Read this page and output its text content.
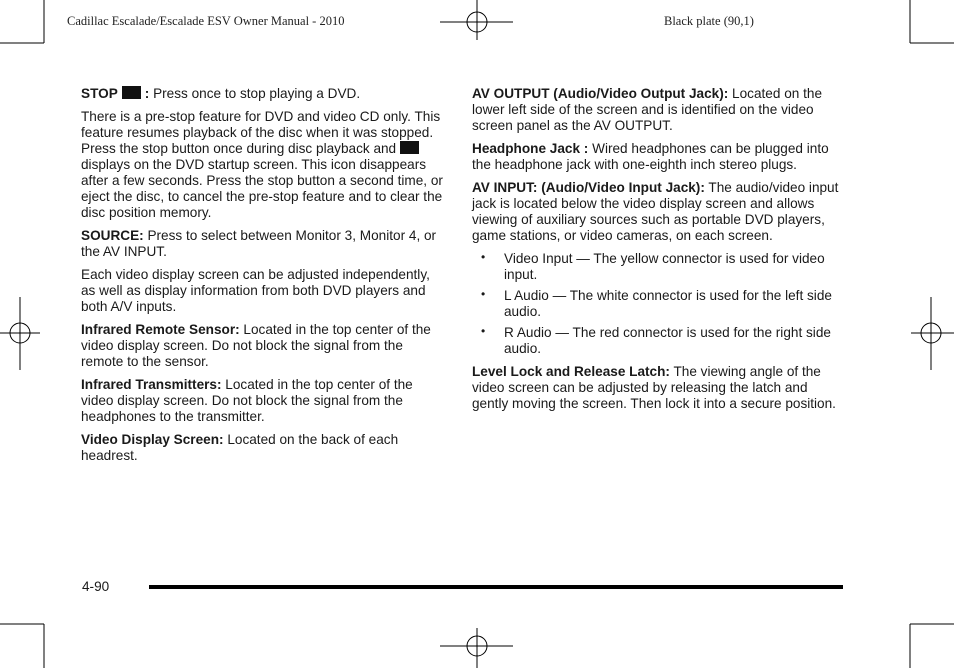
Cadillac Escalade/Escalade ESV Owner Manual - 2010	Black plate (90,1)

STOP : Press once to stop playing a DVD.

There is a pre-stop feature for DVD and video CD only. This feature resumes playback of the disc when it was stopped. Press the stop button once during disc playback and displays on the DVD startup screen. This icon disappears after a few seconds. Press the stop button a second time, or eject the disc, to cancel the pre-stop feature and to clear the disc position memory.

SOURCE: Press to select between Monitor 3, Monitor 4, or the AV INPUT.

Each video display screen can be adjusted independently, as well as display information from both DVD players and both A/V inputs.

Infrared Remote Sensor: Located in the top center of the video display screen. Do not block the signal from the remote to the sensor.

Infrared Transmitters: Located in the top center of the video display screen. Do not block the signal from the headphones to the transmitter.

Video Display Screen: Located on the back of each headrest.

AV OUTPUT (Audio/Video Output Jack): Located on the lower left side of the screen and is identified on the video screen panel as the AV OUTPUT.

Headphone Jack : Wired headphones can be plugged into the headphone jack with one-eighth inch stereo plugs.

AV INPUT: (Audio/Video Input Jack): The audio/video input jack is located below the video display screen and allows viewing of auxiliary sources such as portable DVD players, game stations, or video cameras, on each screen.

• Video Input — The yellow connector is used for video input.
• L Audio — The white connector is used for the left side audio.
• R Audio — The red connector is used for the right side audio.

Level Lock and Release Latch: The viewing angle of the video screen can be adjusted by releasing the latch and gently moving the screen. Then lock it into a secure position.

4-90
